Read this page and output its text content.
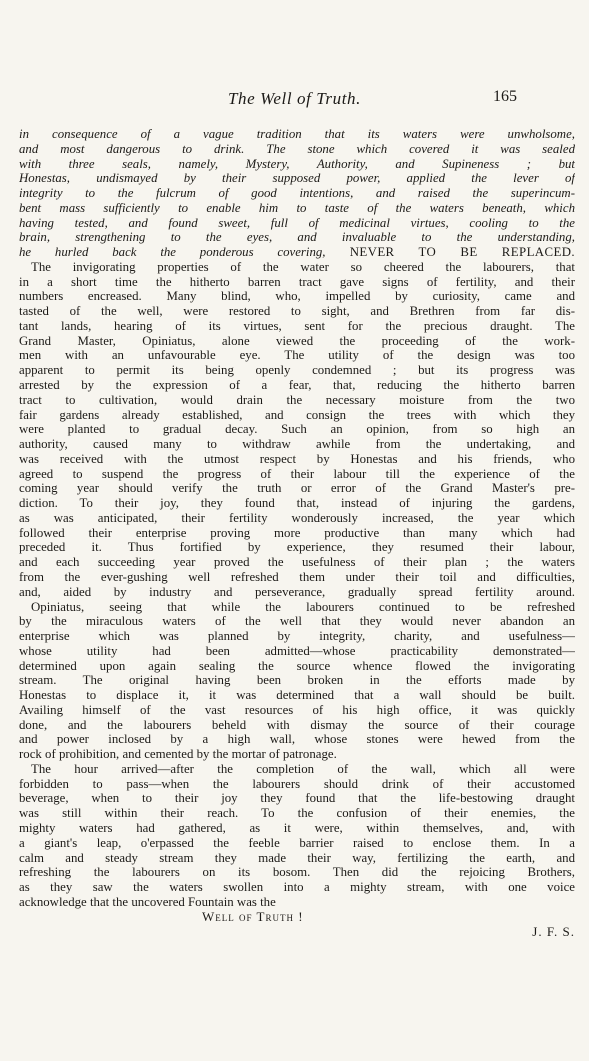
The Well of Truth.	165
in consequence of a vague tradition that its waters were unwholsome,
and most dangerous to drink. The stone which covered it was sealed
with three seals, namely, Mystery, Authority, and Supineness ; but
Honestas, undismayed by their supposed power, applied the lever of
integrity to the fulcrum of good intentions, and raised the superincum-
bent mass sufficiently to enable him to taste of the waters beneath, which
having tested, and found sweet, full of medicinal virtues, cooling to the
brain, strengthening to the eyes, and invaluable to the understanding,
he hurled back the ponderous covering, NEVER TO BE REPLACED.
The invigorating properties of the water so cheered the labourers, that
in a short time the hitherto barren tract gave signs of fertility, and their
numbers encreased. Many blind, who, impelled by curiosity, came and
tasted of the well, were restored to sight, and Brethren from far dis-
tant lands, hearing of its virtues, sent for the precious draught. The
Grand Master, Opiniatus, alone viewed the proceeding of the work-
men with an unfavourable eye. The utility of the design was too
apparent to permit its being openly condemned ; but its progress was
arrested by the expression of a fear, that, reducing the hitherto barren
tract to cultivation, would drain the necessary moisture from the two
fair gardens already established, and consign the trees with which they
were planted to gradual decay. Such an opinion, from so high an
authority, caused many to withdraw awhile from the undertaking, and
was received with the utmost respect by Honestas and his friends, who
agreed to suspend the progress of their labour till the experience of the
coming year should verify the truth or error of the Grand Master's pre-
diction. To their joy, they found that, instead of injuring the gardens,
as was anticipated, their fertility wonderously increased, the year which
followed their enterprise proving more productive than many which had
preceded it. Thus fortified by experience, they resumed their labour,
and each succeeding year proved the usefulness of their plan ; the waters
from the ever-gushing well refreshed them under their toil and difficulties,
and, aided by industry and perseverance, gradually spread fertility around.
Opiniatus, seeing that while the labourers continued to be refreshed
by the miraculous waters of the well that they would never abandon an
enterprise which was planned by integrity, charity, and usefulness—
whose utility had been admitted—whose practicability demonstrated—
determined upon again sealing the source whence flowed the invigorating
stream. The original having been broken in the efforts made by
Honestas to displace it, it was determined that a wall should be built.
Availing himself of the vast resources of his high office, it was quickly
done, and the labourers beheld with dismay the source of their courage
and power inclosed by a high wall, whose stones were hewed from the
rock of prohibition, and cemented by the mortar of patronage.
The hour arrived—after the completion of the wall, which all were
forbidden to pass—when the labourers should drink of their accustomed
beverage, when to their joy they found that the life-bestowing draught
was still within their reach. To the confusion of their enemies, the
mighty waters had gathered, as it were, within themselves, and, with
a giant's leap, o'erpassed the feeble barrier raised to enclose them. In a
calm and steady stream they made their way, fertilizing the earth, and
refreshing the labourers on its bosom. Then did the rejoicing Brothers,
as they saw the waters swollen into a mighty stream, with one voice
acknowledge that the uncovered Fountain was the
Well of Truth !
J. F. S.
